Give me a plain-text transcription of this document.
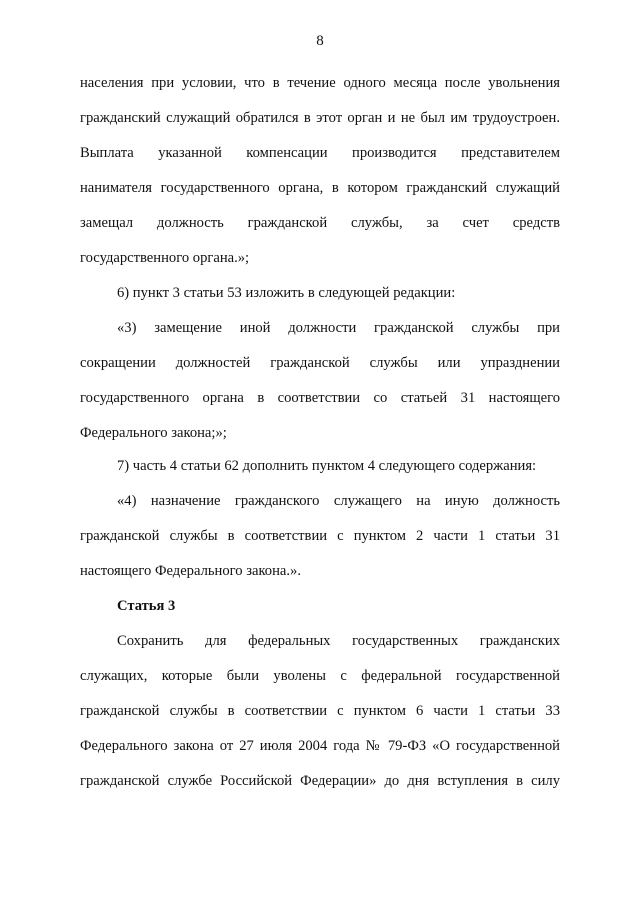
8
населения при условии, что в течение одного месяца после увольнения
гражданский служащий обратился в этот орган и не был им трудоустроен.
Выплата указанной компенсации производится представителем
нанимателя государственного органа, в котором гражданский служащий
замещал должность гражданской службы, за счет средств
государственного органа.»;
6) пункт 3 статьи 53 изложить в следующей редакции:
«3) замещение иной должности гражданской службы при
сокращении должностей гражданской службы или упразднении
государственного органа в соответствии со статьей 31 настоящего
Федерального закона;»;
7) часть 4 статьи 62 дополнить пунктом 4 следующего содержания:
«4) назначение гражданского служащего на иную должность
гражданской службы в соответствии с пунктом 2 части 1 статьи 31
настоящего Федерального закона.».
Статья 3
Сохранить для федеральных государственных гражданских
служащих, которые были уволены с федеральной государственной
гражданской службы в соответствии с пунктом 6 части 1 статьи 33
Федерального закона от 27 июля 2004 года № 79-ФЗ «О государственной
гражданской службе Российской Федерации» до дня вступления в силу
